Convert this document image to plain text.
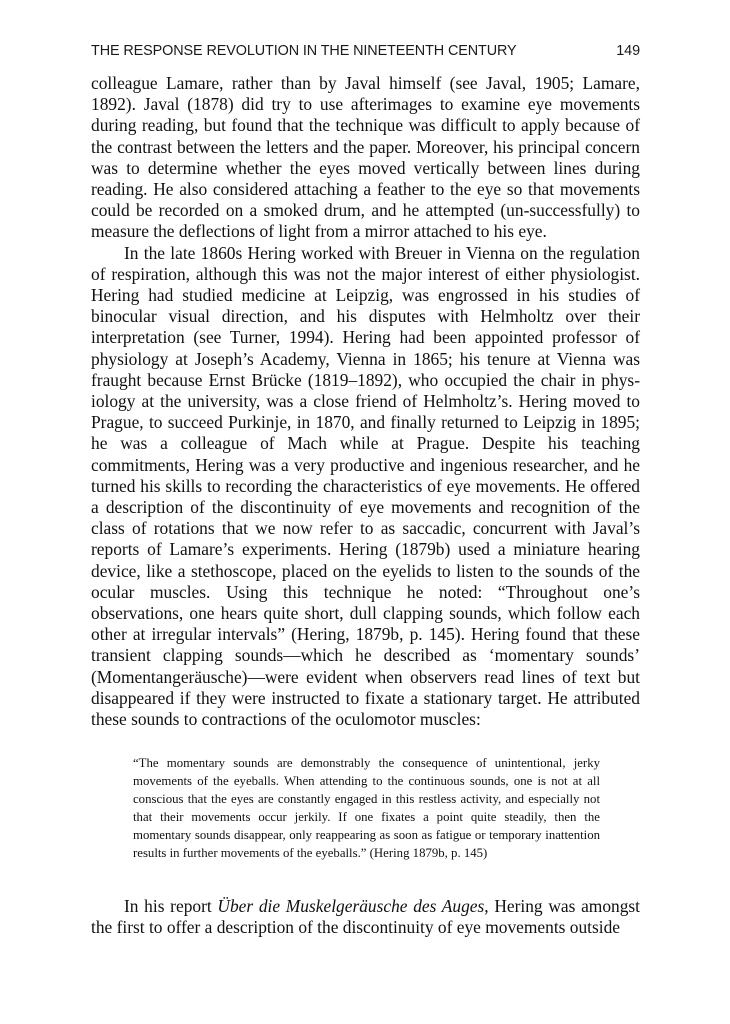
THE RESPONSE REVOLUTION IN THE NINETEENTH CENTURY	149

colleague Lamare, rather than by Javal himself (see Javal, 1905; Lamare, 1892). Javal (1878) did try to use afterimages to examine eye movements during reading, but found that the technique was difficult to apply because of the contrast between the letters and the paper. Moreover, his principal concern was to determine whether the eyes moved vertically between lines during reading. He also considered attaching a feather to the eye so that movements could be recorded on a smoked drum, and he attempted (un-successfully) to measure the deflections of light from a mirror attached to his eye.

In the late 1860s Hering worked with Breuer in Vienna on the regulation of respiration, although this was not the major interest of either physiologist. Hering had studied medicine at Leipzig, was engrossed in his studies of binocular visual direction, and his disputes with Helmholtz over their interpretation (see Turner, 1994). Hering had been appointed professor of physiology at Joseph’s Academy, Vienna in 1865; his tenure at Vienna was fraught because Ernst Brücke (1819–1892), who occupied the chair in physiology at the university, was a close friend of Helmholtz’s. Hering moved to Prague, to succeed Purkinje, in 1870, and finally returned to Leipzig in 1895; he was a colleague of Mach while at Prague. Despite his teaching commitments, Hering was a very productive and ingenious researcher, and he turned his skills to recording the characteristics of eye movements. He offered a description of the discontinuity of eye movements and recognition of the class of rotations that we now refer to as saccadic, concurrent with Javal’s reports of Lamare’s experiments. Hering (1879b) used a miniature hearing device, like a stethoscope, placed on the eyelids to listen to the sounds of the ocular muscles. Using this technique he noted: “Throughout one’s observations, one hears quite short, dull clapping sounds, which follow each other at irregular intervals” (Hering, 1879b, p. 145). Hering found that these transient clapping sounds—which he described as ‘momentary sounds’ (Momentangeräusche)—were evident when observers read lines of text but disappeared if they were instructed to fixate a stationary target. He attributed these sounds to contractions of the oculomotor muscles:

“The momentary sounds are demonstrably the consequence of unintentional, jerky movements of the eyeballs. When attending to the continuous sounds, one is not at all conscious that the eyes are constantly engaged in this restless activity, and especially not that their movements occur jerkily. If one fixates a point quite steadily, then the momentary sounds disappear, only reappearing as soon as fatigue or temporary inattention results in further movements of the eyeballs.” (Hering 1879b, p. 145)

In his report Über die Muskelgeräusche des Auges, Hering was amongst the first to offer a description of the discontinuity of eye movements outside
